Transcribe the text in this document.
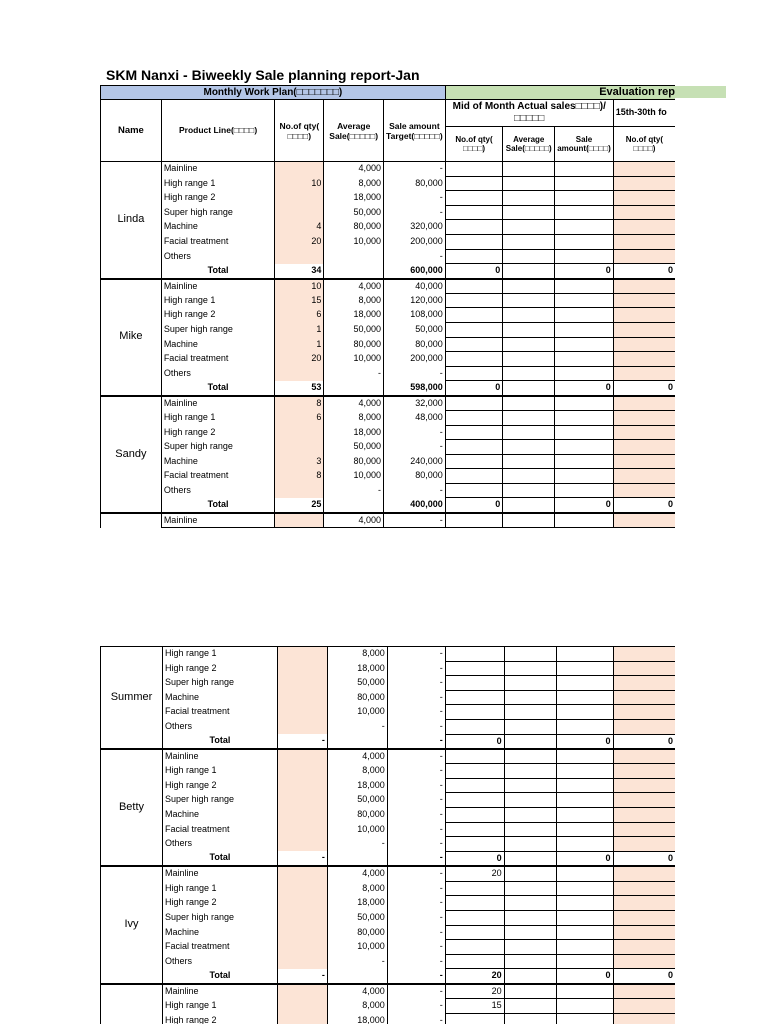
SKM Nanxi - Biweekly Sale planning report-Jan
Monthly Work Plan(□□□□□□□)					Evaluation rep			
Name	Product Line(□□□□)	No.of qty( □□□□)	Average Sale(□□□□□)	Sale amount Target(□□□□□)	Mid of Month Actual sales□□□□)/□□□□□			15th-30th fo
					No.of qty( □□□□)	Average Sale(□□□□□)	Sale amount(□□□□)	No.of qty( □□□□)
Linda	Mainline		4,000	-				
	High range 1	10	8,000	80,000				
	High range 2		18,000	-				
	Super high range		50,000	-				
	Machine	4	80,000	320,000				
	Facial treatment	20	10,000	200,000				
	Others			-				
	Total	34		600,000	0		0	0
Mike	Mainline	10	4,000	40,000				
	High range 1	15	8,000	120,000				
	High range 2	6	18,000	108,000				
	Super high range	1	50,000	50,000				
	Machine	1	80,000	80,000				
	Facial treatment	20	10,000	200,000				
	Others		-	-				
	Total	53		598,000	0		0	0
Sandy	Mainline	8	4,000	32,000				
	High range 1	6	8,000	48,000				
	High range 2		18,000	-				
	Super high range		50,000	-				
	Machine	3	80,000	240,000				
	Facial treatment	8	10,000	80,000				
	Others		-	-				
	Total	25		400,000	0		0	0
	Mainline		4,000	-				
Summer	High range 1		8,000	-				
	High range 2		18,000	-				
	Super high range		50,000	-				
	Machine		80,000	-				
	Facial treatment		10,000	-				
	Others		-	-				
	Total	-		-	0		0	0
Betty	Mainline		4,000	-				
	High range 1		8,000	-				
	High range 2		18,000	-				
	Super high range		50,000	-				
	Machine		80,000	-				
	Facial treatment		10,000	-				
	Others		-	-				
	Total	-		-	0		0	0
Ivy	Mainline		4,000	-	20			
	High range 1		8,000	-				
	High range 2		18,000	-				
	Super high range		50,000	-				
	Machine		80,000	-				
	Facial treatment		10,000	-				
	Others		-	-				
	Total	-		-	20		0	0
	Mainline		4,000	-	20			
	High range 1		8,000	-	15			
	High range 2		18,000	-				
